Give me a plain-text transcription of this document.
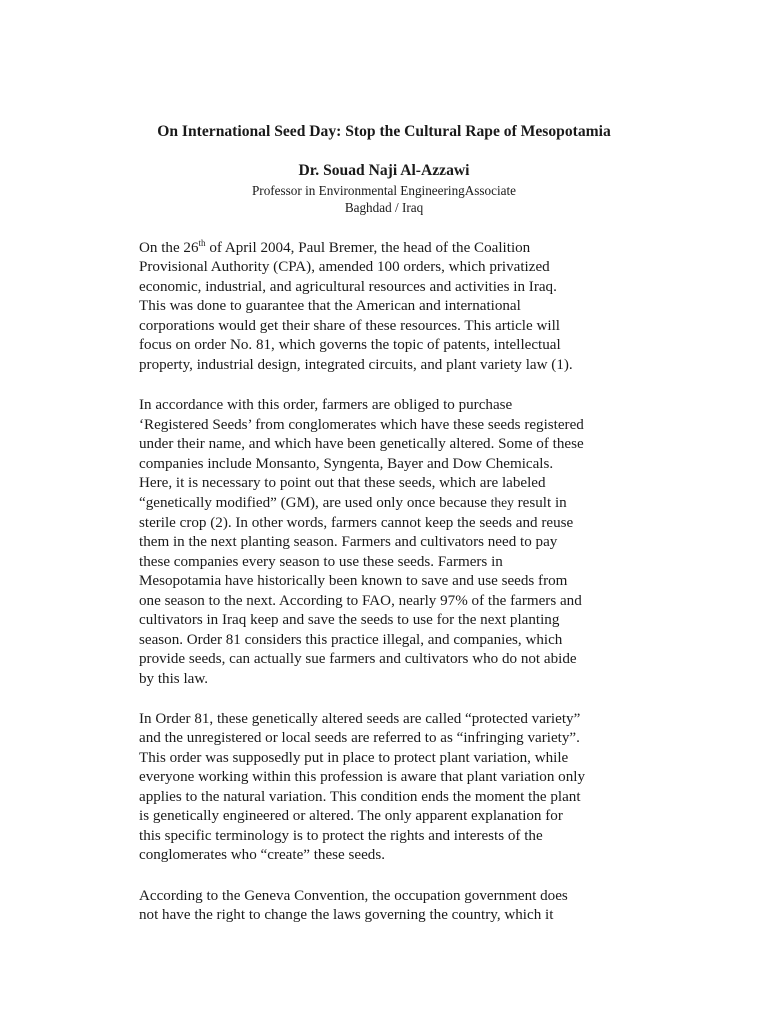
On International Seed Day: Stop the Cultural Rape of Mesopotamia
Dr. Souad Naji Al-Azzawi
Professor in Environmental EngineeringAssociate
Baghdad / Iraq
On the 26th of April 2004, Paul Bremer, the head of the Coalition
Provisional Authority (CPA), amended 100 orders, which privatized
economic, industrial, and agricultural resources and activities in Iraq.
This was done to guarantee that the American and international
corporations would get their share of these resources. This article will
focus on order No. 81, which governs the topic of patents, intellectual
property, industrial design, integrated circuits, and plant variety law (1).
In accordance with this order, farmers are obliged to purchase
‘Registered Seeds’ from conglomerates which have these seeds registered
under their name, and which have been genetically altered. Some of these
companies include Monsanto, Syngenta, Bayer and Dow Chemicals.
Here, it is necessary to point out that these seeds, which are labeled
“genetically modified” (GM), are used only once because they result in
sterile crop (2). In other words, farmers cannot keep the seeds and reuse
them in the next planting season. Farmers and cultivators need to pay
these companies every season to use these seeds. Farmers in
Mesopotamia have historically been known to save and use seeds from
one season to the next. According to FAO, nearly 97% of the farmers and
cultivators in Iraq keep and save the seeds to use for the next planting
season. Order 81 considers this practice illegal, and companies, which
provide seeds, can actually sue farmers and cultivators who do not abide
by this law.
In Order 81, these genetically altered seeds are called “protected variety”
and the unregistered or local seeds are referred to as “infringing variety”.
This order was supposedly put in place to protect plant variation, while
everyone working within this profession is aware that plant variation only
applies to the natural variation. This condition ends the moment the plant
is genetically engineered or altered. The only apparent explanation for
this specific terminology is to protect the rights and interests of the
conglomerates who “create” these seeds.
According to the Geneva Convention, the occupation government does
not have the right to change the laws governing the country, which it
